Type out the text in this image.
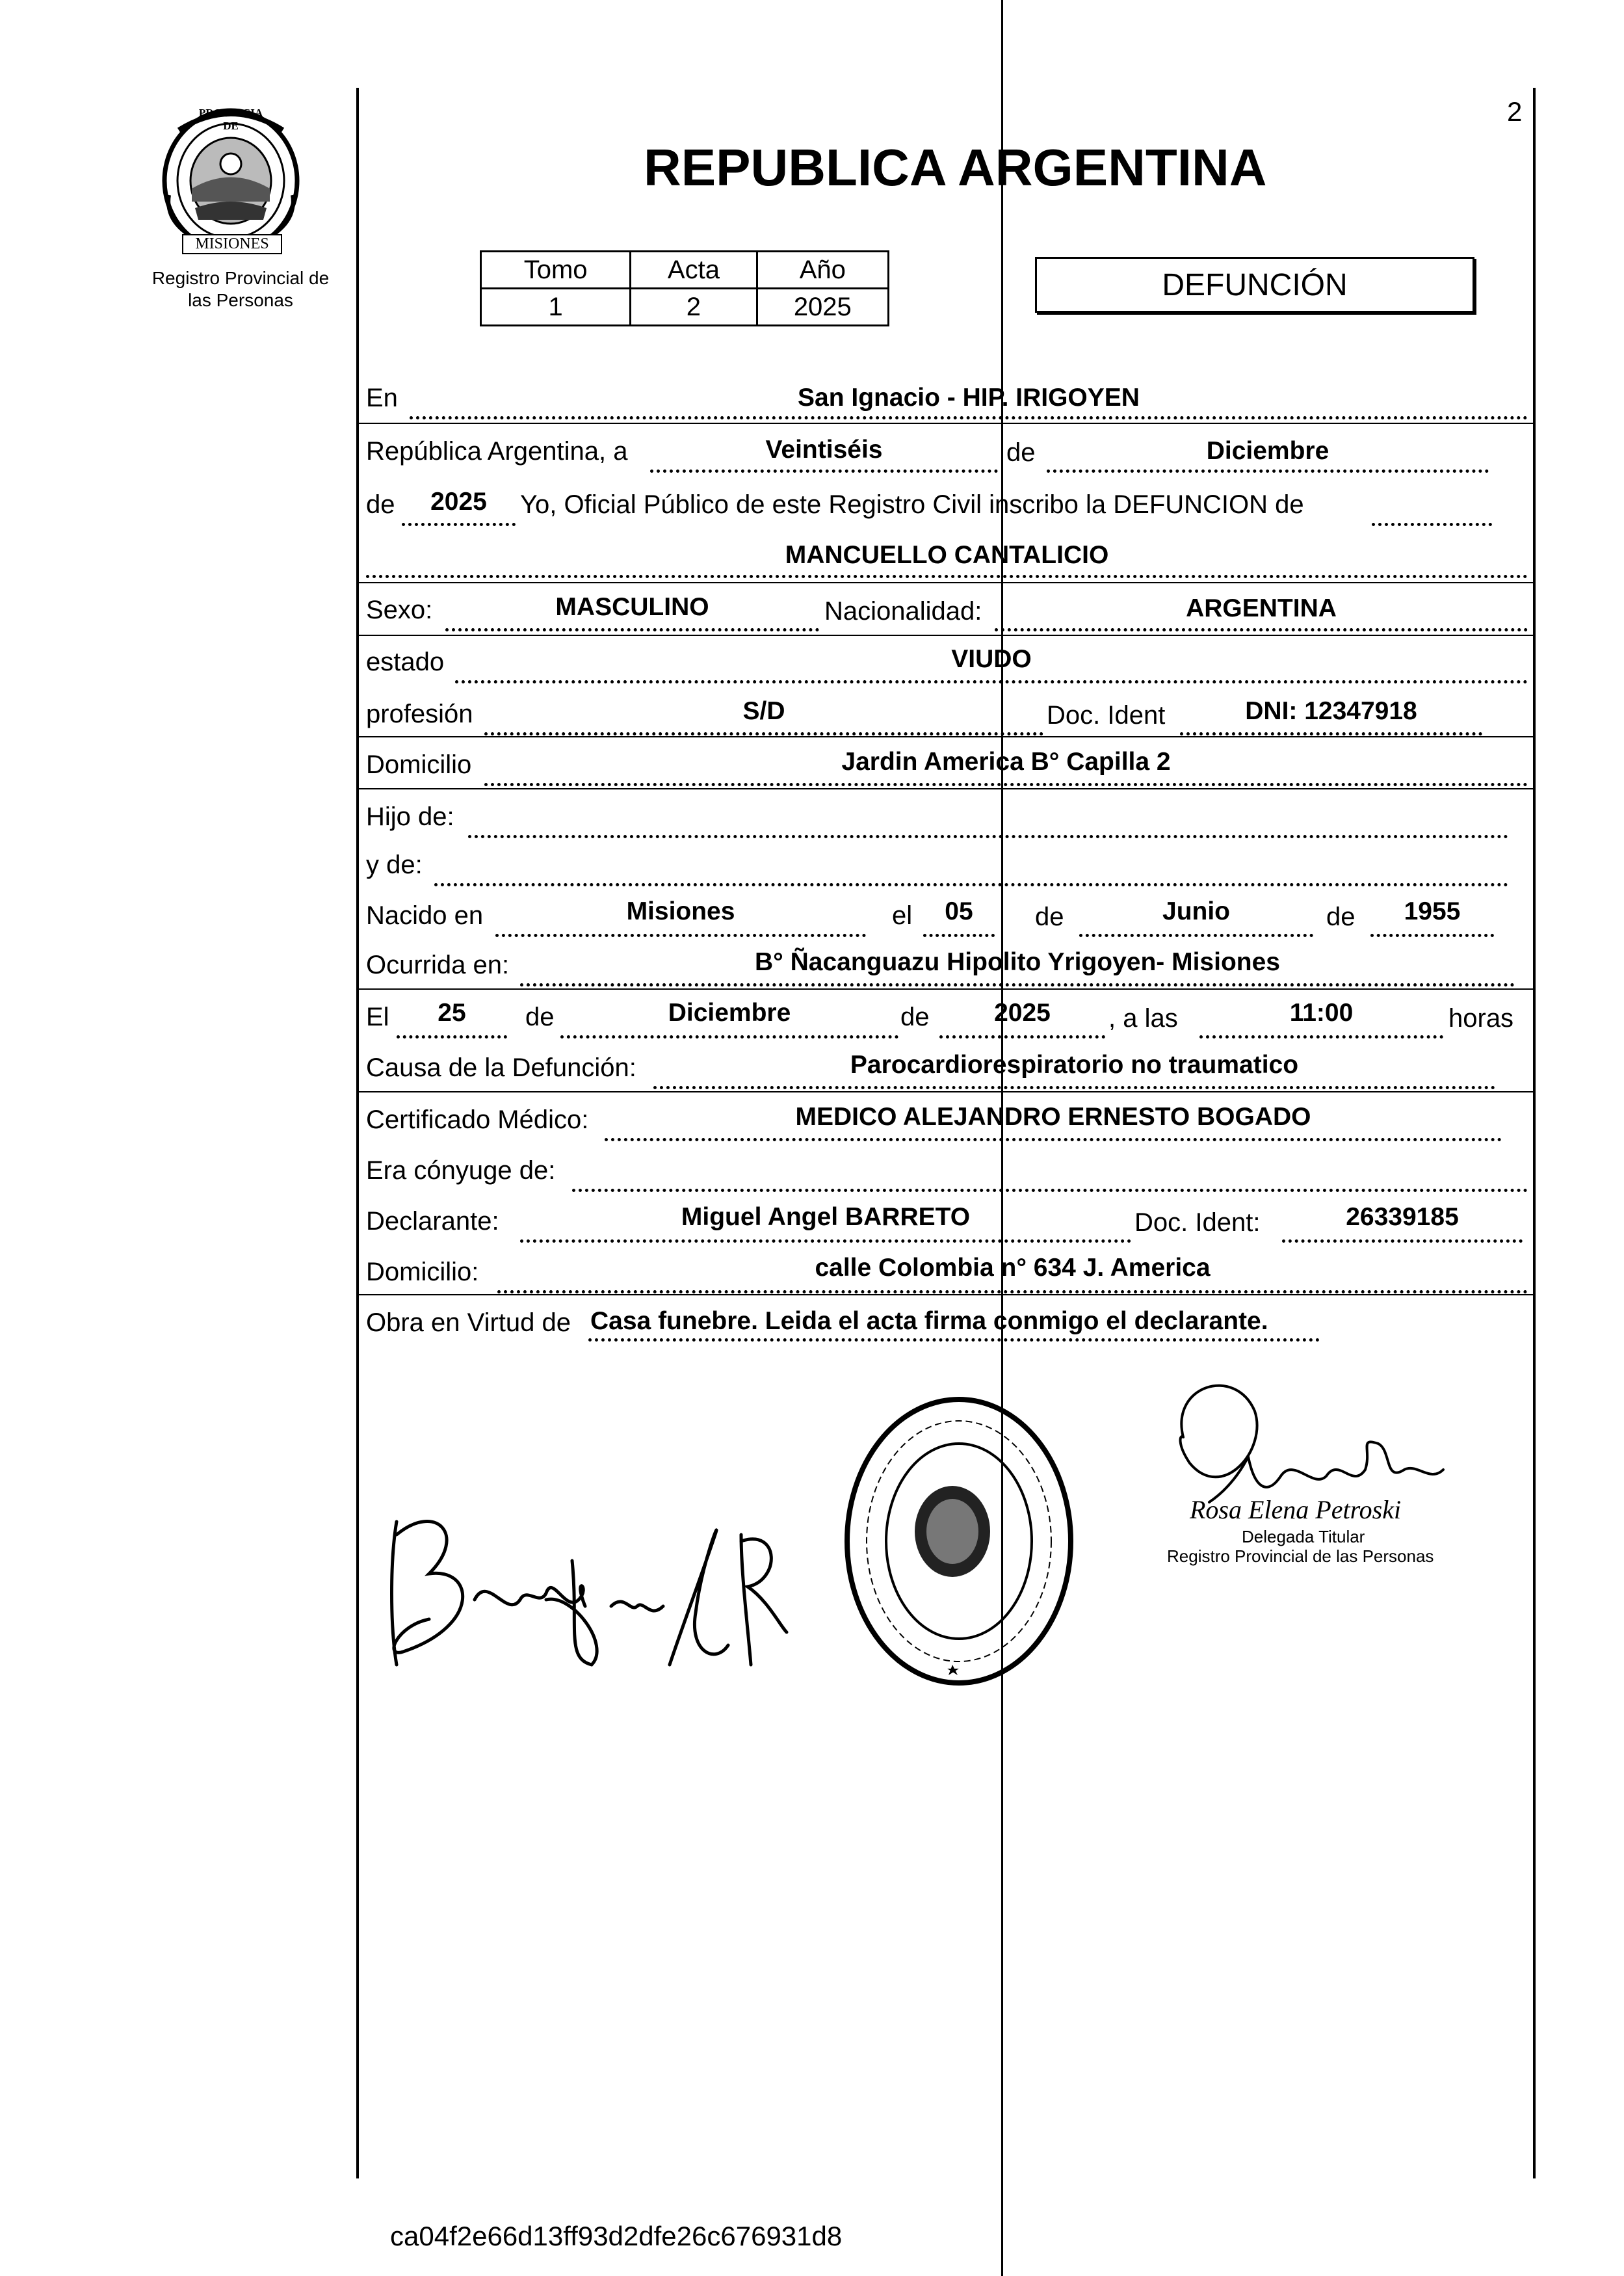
PROVINCIA DE
MISIONES
Registro Provincial de
las Personas
2
REPUBLICA ARGENTINA
Tomo	Acta	Año
1	2	2025
DEFUNCIÓN
En	San Ignacio - HIP. IRIGOYEN
República Argentina, a	Veintiséis	de	Diciembre
de	2025	Yo, Oficial Público de este Registro Civil inscribo la DEFUNCION de
MANCUELLO CANTALICIO
Sexo:	MASCULINO	Nacionalidad:	ARGENTINA
estado	VIUDO
profesión	S/D	Doc. Ident	DNI: 12347918
Domicilio	Jardin America B° Capilla 2
Hijo de:
y de:
Nacido en	Misiones	el	05	de	Junio	de	1955
Ocurrida en:	B° Ñacanguazu Hipolito Yrigoyen- Misiones
El	25	de	Diciembre	de	2025	, a las	11:00	horas
Causa de la Defunción:	Parocardiorespiratorio no traumatico
Certificado Médico:	MEDICO ALEJANDRO ERNESTO BOGADO
Era cónyuge de:
Declarante:	Miguel Angel BARRETO	Doc. Ident:	26339185
Domicilio:	calle Colombia n° 634 J. America
Obra en Virtud de Casa funebre. Leida el acta firma conmigo el declarante.
Rosa Elena Petroski
Delegada Titular
Registro Provincial de las Personas
ca04f2e66d13ff93d2dfe26c676931d8
